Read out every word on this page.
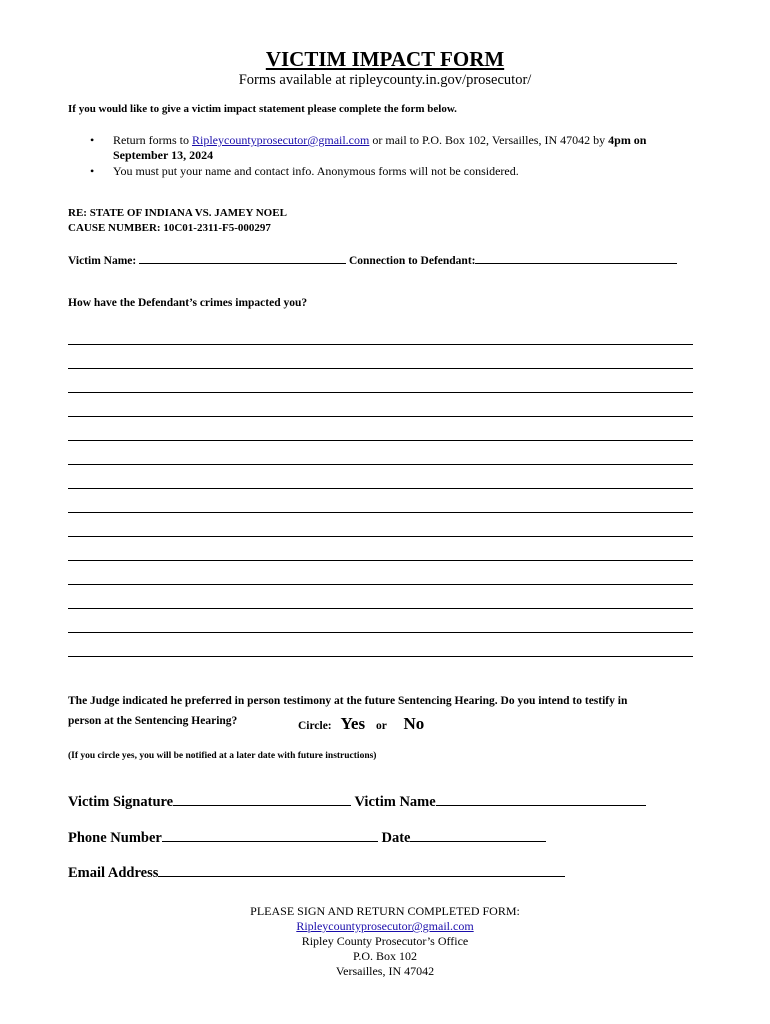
VICTIM IMPACT FORM
Forms available at ripleycounty.in.gov/prosecutor/
If you would like to give a victim impact statement please complete the form below.
• Return forms to Ripleycountyprosecutor@gmail.com or mail to P.O. Box 102, Versailles, IN 47042 by 4pm on
September 13, 2024
• You must put your name and contact info. Anonymous forms will not be considered.
RE: STATE OF INDIANA VS. JAMEY NOEL
CAUSE NUMBER: 10C01-2311-F5-000297
Victim Name:	Connection to Defendant:
How have the Defendant’s crimes impacted you?
The Judge indicated he preferred in person testimony at the future Sentencing Hearing. Do you intend to testify in
person at the Sentencing Hearing?	Circle: Yes or No
(If you circle yes, you will be notified at a later date with future instructions)
Victim Signature	Victim Name
Phone Number	Date
Email Address
PLEASE SIGN AND RETURN COMPLETED FORM:
Ripleycountyprosecutor@gmail.com
Ripley County Prosecutor’s Office
P.O. Box 102
Versailles, IN 47042
